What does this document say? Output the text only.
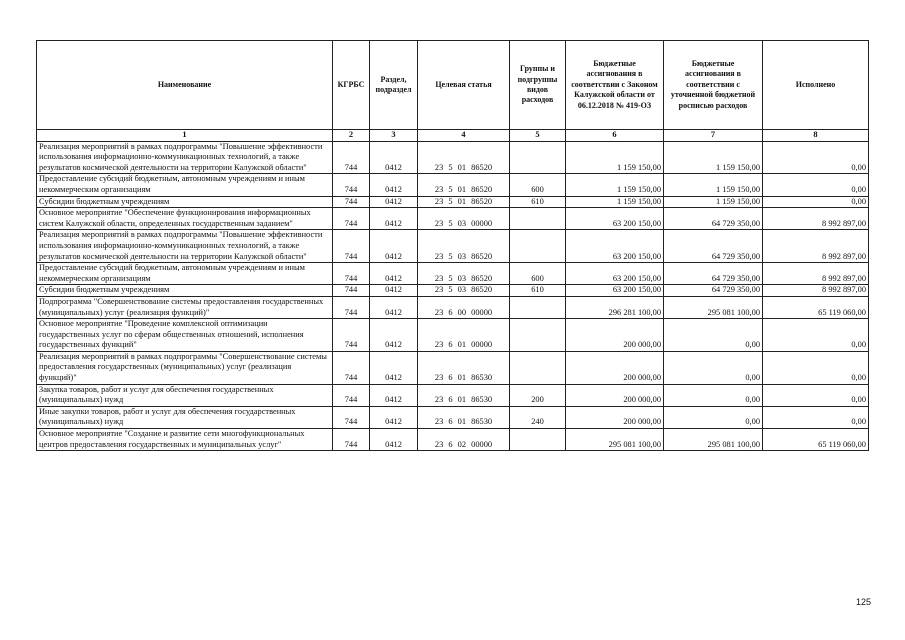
Наименование	КГРБС	Раздел, подраздел	Целевая статья	Группы и подгруппы видов расходов	Бюджетные ассигнования в соответствии с Законом Калужской области от 06.12.2018 № 419-ОЗ	Бюджетные ассигнования в соответствии с уточненной бюджетной росписью расходов	Исполнено
1	2	3	4	5	6	7	8
Реализация мероприятий в рамках подпрограммы "Повышение эффективности использования информационно-коммуникационных технологий, а также результатов космической деятельности на территории Калужской области"	744	0412	23 5 01 86520		1 159 150,00	1 159 150,00	0,00
Предоставление субсидий бюджетным, автономным учреждениям и иным некоммерческим организациям	744	0412	23 5 01 86520	600	1 159 150,00	1 159 150,00	0,00
Субсидии бюджетным учреждениям	744	0412	23 5 01 86520	610	1 159 150,00	1 159 150,00	0,00
Основное мероприятие "Обеспечение функционирования информационных систем Калужской области, определенных государственным заданием"	744	0412	23 5 03 00000		63 200 150,00	64 729 350,00	8 992 897,00
Реализация мероприятий в рамках подпрограммы "Повышение эффективности использования информационно-коммуникационных технологий, а также результатов космической деятельности на территории Калужской области"	744	0412	23 5 03 86520		63 200 150,00	64 729 350,00	8 992 897,00
Предоставление субсидий бюджетным, автономным учреждениям и иным некоммерческим организациям	744	0412	23 5 03 86520	600	63 200 150,00	64 729 350,00	8 992 897,00
Субсидии бюджетным учреждениям	744	0412	23 5 03 86520	610	63 200 150,00	64 729 350,00	8 992 897,00
Подпрограмма "Совершенствование системы предоставления государственных (муниципальных) услуг (реализация функций)"	744	0412	23 6 00 00000		296 281 100,00	295 081 100,00	65 119 060,00
Основное мероприятие "Проведение комплексной оптимизации государственных услуг по сферам общественных отношений, исполнения государственных функций"	744	0412	23 6 01 00000		200 000,00	0,00	0,00
Реализация мероприятий в рамках подпрограммы "Совершенствование системы предоставления государственных (муниципальных) услуг (реализация функций)"	744	0412	23 6 01 86530		200 000,00	0,00	0,00
Закупка товаров, работ и услуг для обеспечения государственных (муниципальных) нужд	744	0412	23 6 01 86530	200	200 000,00	0,00	0,00
Иные закупки товаров, работ и услуг для обеспечения государственных (муниципальных) нужд	744	0412	23 6 01 86530	240	200 000,00	0,00	0,00
Основное мероприятие "Создание и развитие сети многофункциональных центров предоставления государственных и муниципальных услуг"	744	0412	23 6 02 00000		295 081 100,00	295 081 100,00	65 119 060,00
125
